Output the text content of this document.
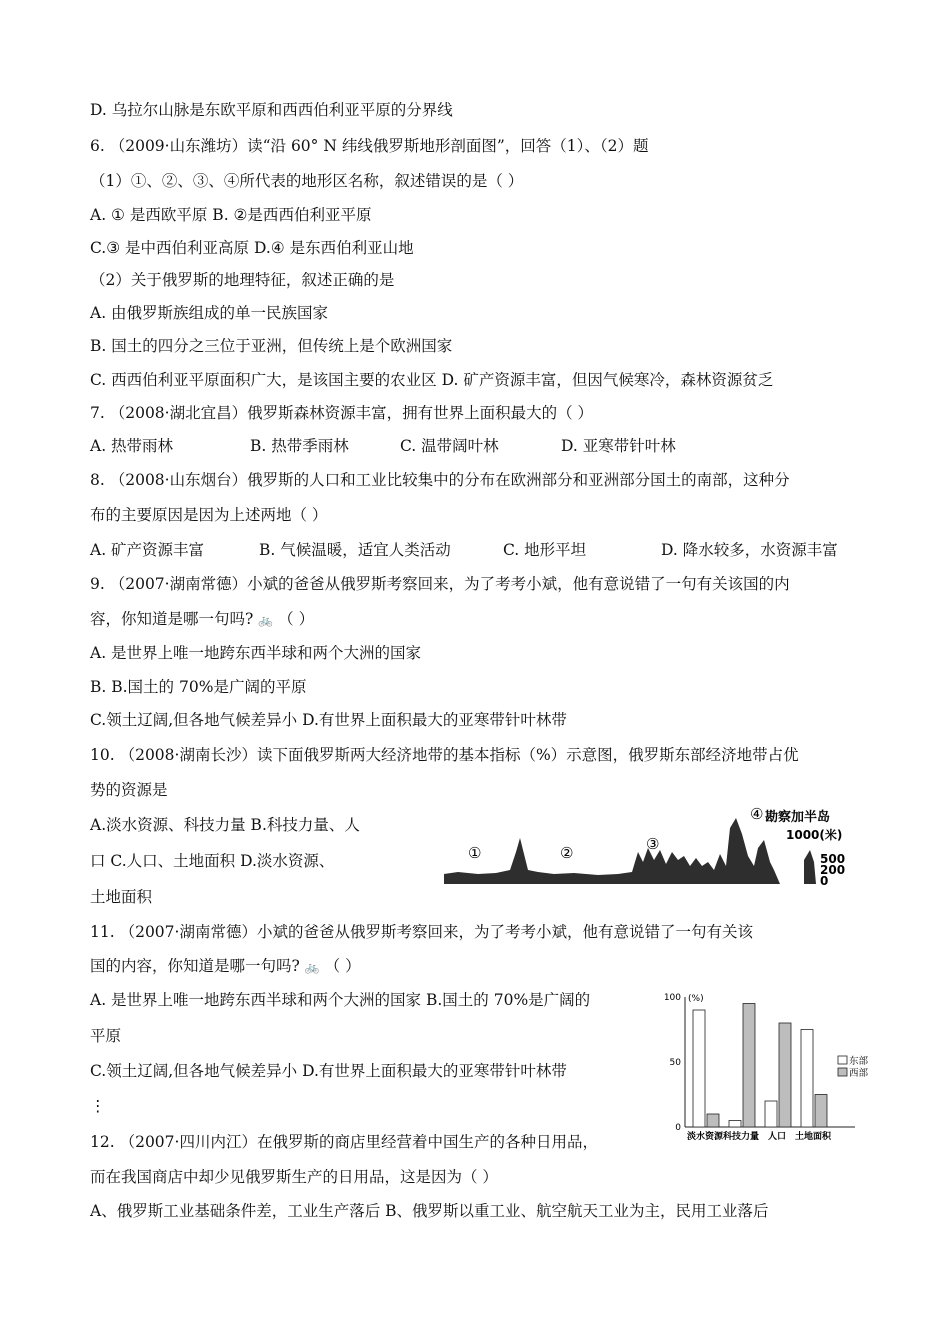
D. 乌拉尔山脉是东欧平原和西西伯利亚平原的分界线
6. （2009·山东潍坊）读“沿 60° N 纬线俄罗斯地形剖面图”，回答（1）、（2）题
（1）①、②、③、④所代表的地形区名称，叙述错误的是（ ）
A. ① 是西欧平原 B. ②是西西伯利亚平原
C.③ 是中西伯利亚高原 D.④ 是东西伯利亚山地
（2）关于俄罗斯的地理特征，叙述正确的是
A. 由俄罗斯族组成的单一民族国家
B. 国土的四分之三位于亚洲，但传统上是个欧洲国家
C. 西西伯利亚平原面积广大，是该国主要的农业区 D. 矿产资源丰富，但因气候寒冷，森林资源贫乏
7. （2008·湖北宜昌）俄罗斯森林资源丰富，拥有世界上面积最大的（ ）
A. 热带雨林	B. 热带季雨林	C. 温带阔叶林	D. 亚寒带针叶林
8. （2008·山东烟台）俄罗斯的人口和工业比较集中的分布在欧洲部分和亚洲部分国土的南部，这种分
布的主要原因是因为上述两地（ ）
A. 矿产资源丰富	B. 气候温暖，适宜人类活动	C. 地形平坦	D. 降水较多，水资源丰富
9. （2007·湖南常德）小斌的爸爸从俄罗斯考察回来，为了考考小斌，他有意说错了一句有关该国的内
容，你知道是哪一句吗? 🚲 （ ）
A. 是世界上唯一地跨东西半球和两个大洲的国家
B. B.国土的 70%是广阔的平原
C.领土辽阔,但各地气候差异小 D.有世界上面积最大的亚寒带针叶林带
10. （2008·湖南长沙）读下面俄罗斯两大经济地带的基本指标（%）示意图，俄罗斯东部经济地带占优
势的资源是
A.淡水资源、科技力量 B.科技力量、人
口 C.人口、土地面积 D.淡水资源、
土地面积
11. （2007·湖南常德）小斌的爸爸从俄罗斯考察回来，为了考考小斌，他有意说错了一句有关该
国的内容，你知道是哪一句吗? 🚲 （ ）
A. 是世界上唯一地跨东西半球和两个大洲的国家 B.国土的 70%是广阔的
平原
C.领土辽阔,但各地气候差异小 D.有世界上面积最大的亚寒带针叶林带
⋮
12. （2007·四川内江）在俄罗斯的商店里经营着中国生产的各种日用品，
而在我国商店中却少见俄罗斯生产的日用品，这是因为（ ）
A、俄罗斯工业基础条件差，工业生产落后 B、俄罗斯以重工业、航空航天工业为主，民用工业落后
①	②	③
④ 勘察加半岛
1000(米)
500
200
0
(%)
100
50
0
淡水资源 科技力量 人口 土地面积
东部
西部
